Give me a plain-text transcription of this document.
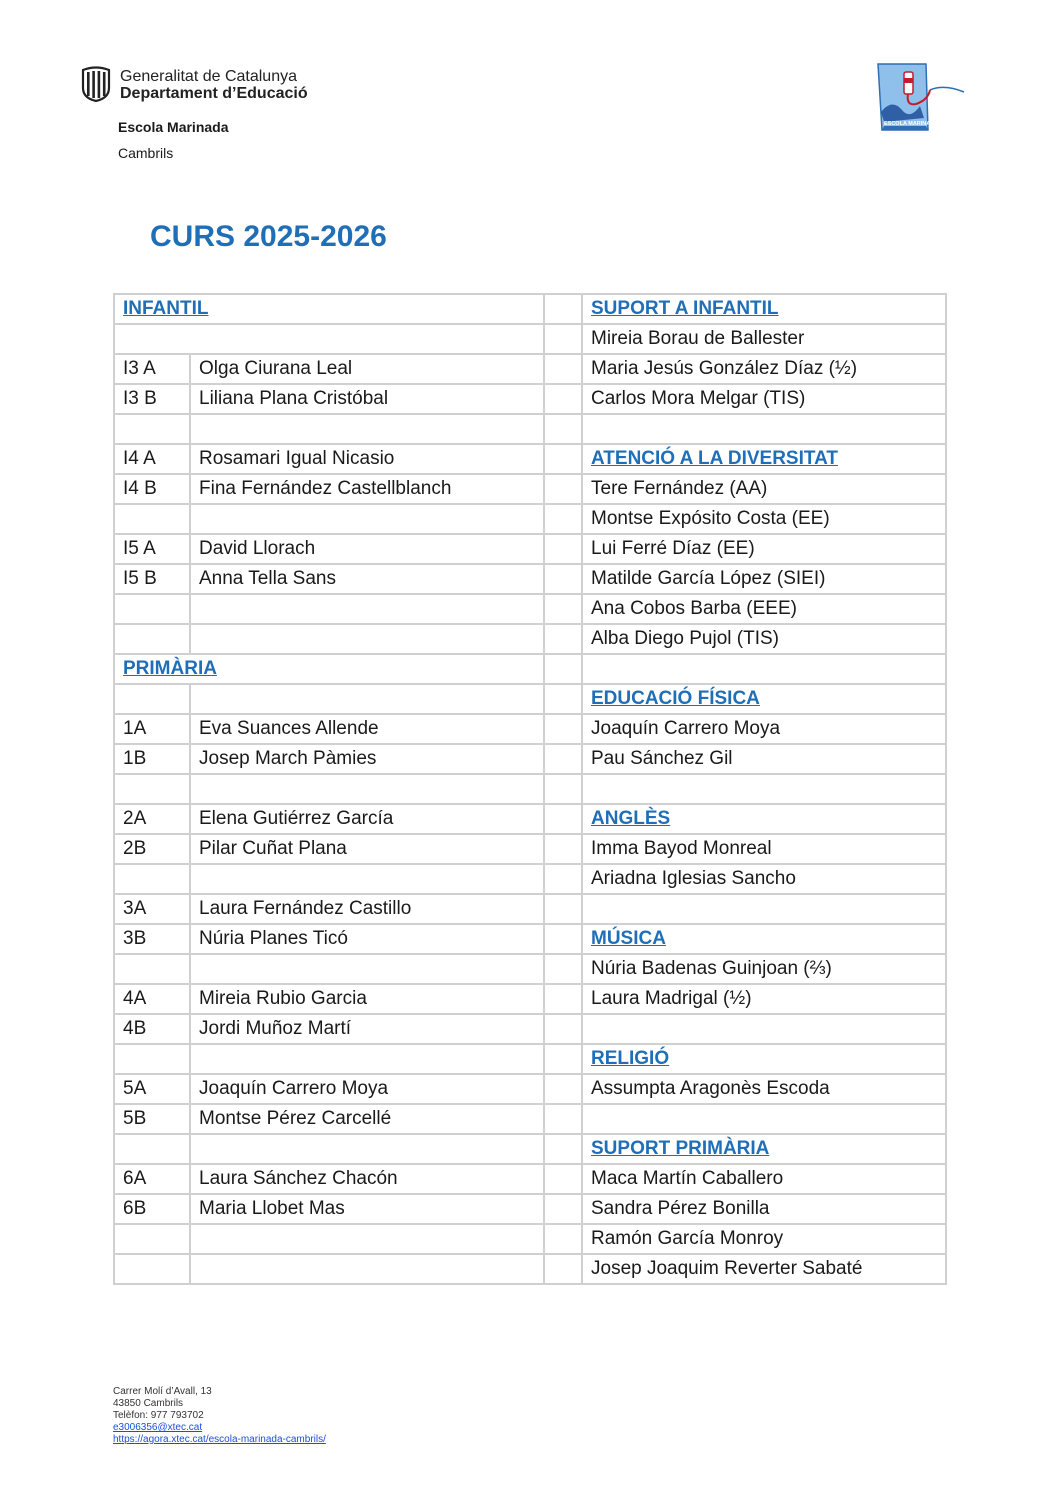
Generalitat de Catalunya
Departament d’Educació
Escola Marinada
Cambrils
ESCOLA MARINADA
CURS 2025-2026
INFANTIL			SUPORT A INFANTIL
			Mireia Borau de Ballester
I3 A	Olga Ciurana Leal		Maria Jesús González Díaz (½)
I3 B	Liliana Plana Cristóbal		Carlos Mora Melgar (TIS)

I4 A	Rosamari Igual Nicasio		ATENCIÓ A LA DIVERSITAT
I4 B	Fina Fernández Castellblanch		Tere Fernández (AA)
			Montse Expósito Costa (EE)
I5 A	David Llorach		Lui Ferré Díaz (EE)
I5 B	Anna Tella Sans		Matilde García López (SIEI)
			Ana Cobos Barba (EEE)
			Alba Diego Pujol (TIS)
PRIMÀRIA			
			EDUCACIÓ FÍSICA
1A	Eva Suances Allende		Joaquín Carrero Moya
1B	Josep March Pàmies		Pau Sánchez Gil

2A	Elena Gutiérrez García		ANGLÈS
2B	Pilar Cuñat Plana		Imma Bayod Monreal
			Ariadna Iglesias Sancho
3A	Laura Fernández Castillo		
3B	Núria Planes Ticó		MÚSICA
			Núria Badenas Guinjoan (⅔)
4A	Mireia Rubio Garcia		Laura Madrigal (½)
4B	Jordi Muñoz Martí		
			RELIGIÓ
5A	Joaquín Carrero Moya		Assumpta Aragonès Escoda
5B	Montse Pérez Carcellé		
			SUPORT PRIMÀRIA
6A	Laura Sánchez Chacón		Maca Martín Caballero
6B	Maria Llobet Mas		Sandra Pérez Bonilla
			Ramón García Monroy
			Josep Joaquim Reverter Sabaté
Carrer Molí d’Avall, 13
43850 Cambrils
Telèfon: 977 793702
e3006356@xtec.cat
https://agora.xtec.cat/escola-marinada-cambrils/
